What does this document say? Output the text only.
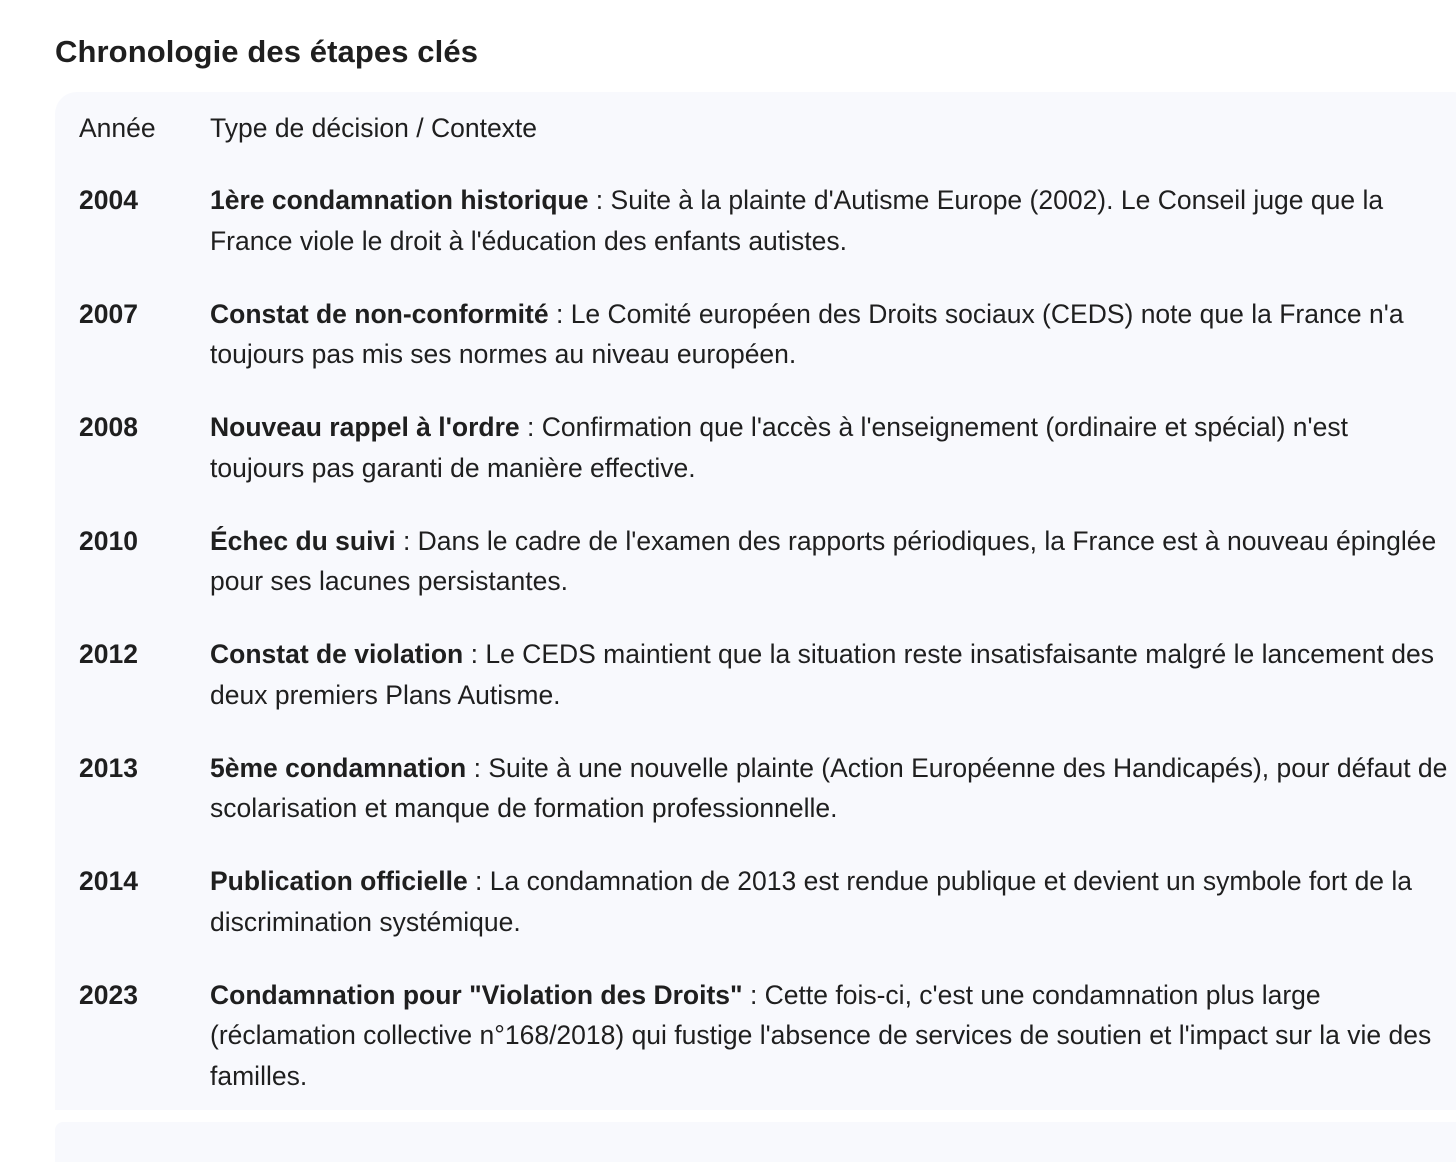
Chronologie des étapes clés
Année	Type de décision / Contexte
2004	1ère condamnation historique : Suite à la plainte d'Autisme Europe (2002). Le Conseil juge que la France viole le droit à l'éducation des enfants autistes.
2007	Constat de non-conformité : Le Comité européen des Droits sociaux (CEDS) note que la France n'a toujours pas mis ses normes au niveau européen.
2008	Nouveau rappel à l'ordre : Confirmation que l'accès à l'enseignement (ordinaire et spécial) n'est toujours pas garanti de manière effective.
2010	Échec du suivi : Dans le cadre de l'examen des rapports périodiques, la France est à nouveau épinglée pour ses lacunes persistantes.
2012	Constat de violation : Le CEDS maintient que la situation reste insatisfaisante malgré le lancement des deux premiers Plans Autisme.
2013	5ème condamnation : Suite à une nouvelle plainte (Action Européenne des Handicapés), pour défaut de scolarisation et manque de formation professionnelle.
2014	Publication officielle : La condamnation de 2013 est rendue publique et devient un symbole fort de la discrimination systémique.
2023	Condamnation pour "Violation des Droits" : Cette fois-ci, c'est une condamnation plus large (réclamation collective n°168/2018) qui fustige l'absence de services de soutien et l'impact sur la vie des familles.
